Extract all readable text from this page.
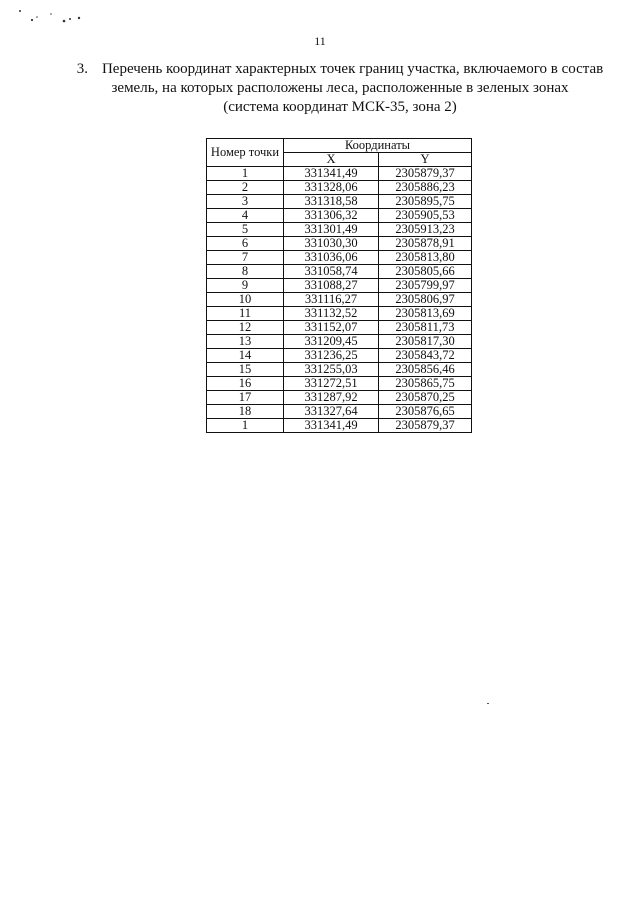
11
3. Перечень координат характерных точек границ участка, включаемого в состав земель, на которых расположены леса, расположенные в зеленых зонах
(система координат МСК-35, зона 2)
Номер точки	Координаты	
	X	Y
1	331341,49	2305879,37
2	331328,06	2305886,23
3	331318,58	2305895,75
4	331306,32	2305905,53
5	331301,49	2305913,23
6	331030,30	2305878,91
7	331036,06	2305813,80
8	331058,74	2305805,66
9	331088,27	2305799,97
10	331116,27	2305806,97
11	331132,52	2305813,69
12	331152,07	2305811,73
13	331209,45	2305817,30
14	331236,25	2305843,72
15	331255,03	2305856,46
16	331272,51	2305865,75
17	331287,92	2305870,25
18	331327,64	2305876,65
1	331341,49	2305879,37
